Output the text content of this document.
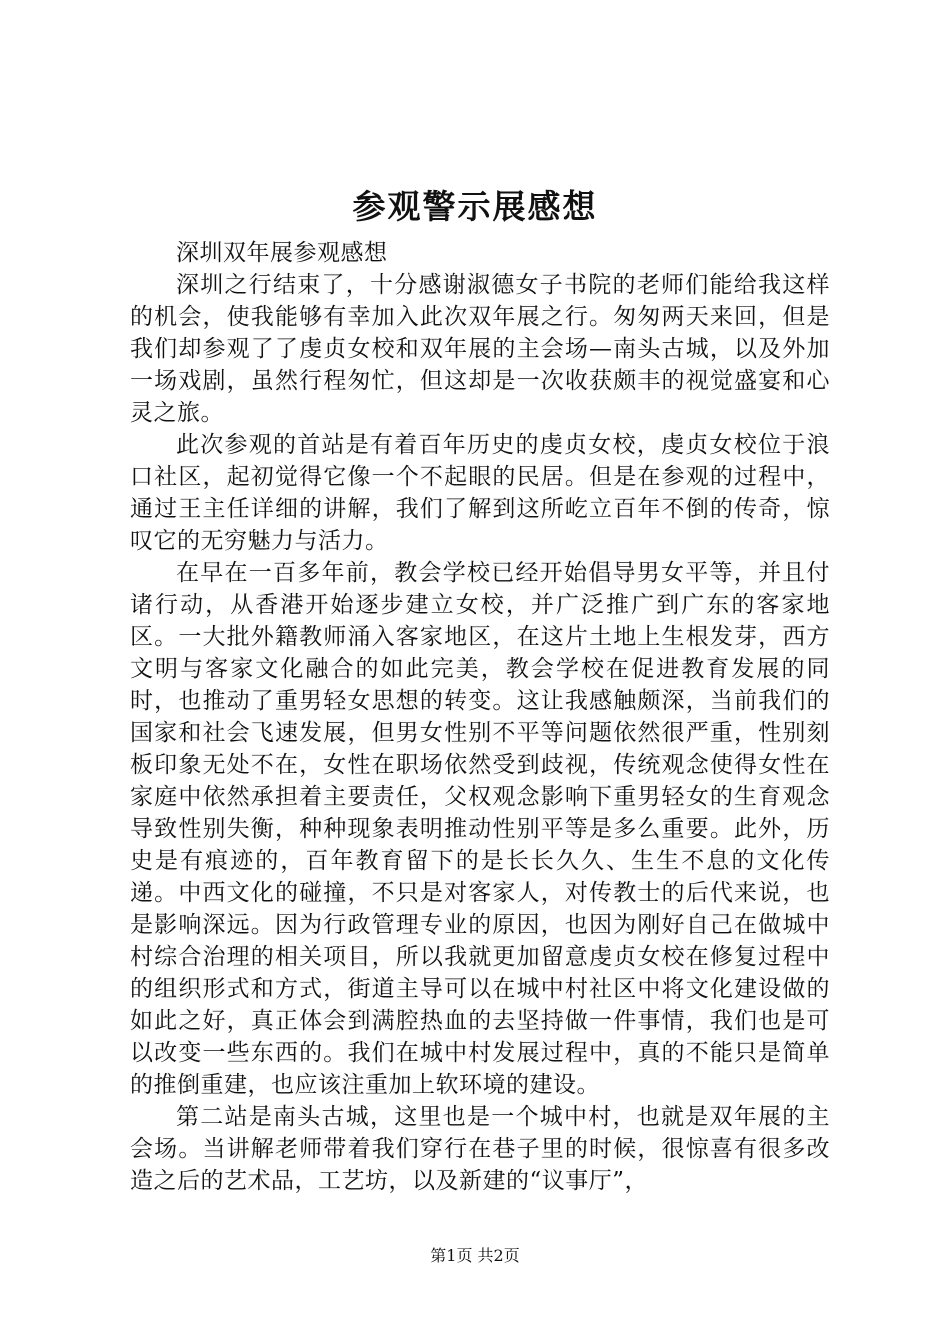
参观警示展感想

深圳双年展参观感想

深圳之行结束了，十分感谢淑德女子书院的老师们能给我这样的机会，使我能够有幸加入此次双年展之行。匆匆两天来回，但是我们却参观了了虔贞女校和双年展的主会场—南头古城，以及外加一场戏剧，虽然行程匆忙，但这却是一次收获颇丰的视觉盛宴和心灵之旅。

此次参观的首站是有着百年历史的虔贞女校，虔贞女校位于浪口社区，起初觉得它像一个不起眼的民居。但是在参观的过程中，通过王主任详细的讲解，我们了解到这所屹立百年不倒的传奇，惊叹它的无穷魅力与活力。

在早在一百多年前，教会学校已经开始倡导男女平等，并且付诸行动，从香港开始逐步建立女校，并广泛推广到广东的客家地区。一大批外籍教师涌入客家地区，在这片土地上生根发芽，西方文明与客家文化融合的如此完美，教会学校在促进教育发展的同时，也推动了重男轻女思想的转变。这让我感触颇深，当前我们的国家和社会飞速发展，但男女性别不平等问题依然很严重，性别刻板印象无处不在，女性在职场依然受到歧视，传统观念使得女性在家庭中依然承担着主要责任，父权观念影响下重男轻女的生育观念导致性别失衡，种种现象表明推动性别平等是多么重要。此外，历史是有痕迹的，百年教育留下的是长长久久、生生不息的文化传递。中西文化的碰撞，不只是对客家人，对传教士的后代来说，也是影响深远。因为行政管理专业的原因，也因为刚好自己在做城中村综合治理的相关项目，所以我就更加留意虔贞女校在修复过程中的组织形式和方式，街道主导可以在城中村社区中将文化建设做的如此之好，真正体会到满腔热血的去坚持做一件事情，我们也是可以改变一些东西的。我们在城中村发展过程中，真的不能只是简单的推倒重建，也应该注重加上软环境的建设。

第二站是南头古城，这里也是一个城中村，也就是双年展的主会场。当讲解老师带着我们穿行在巷子里的时候，很惊喜有很多改造之后的艺术品，工艺坊，以及新建的“议事厅”，

第1页 共2页
